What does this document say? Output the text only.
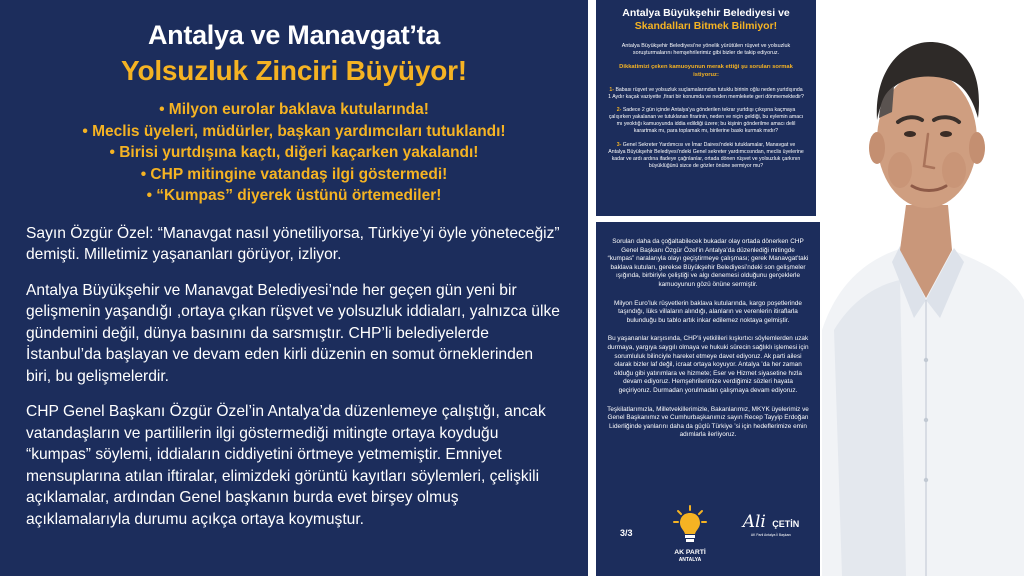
Antalya ve Manavgat’ta
Yolsuzluk Zinciri Büyüyor!
• Milyon eurolar baklava kutularında!
• Meclis üyeleri, müdürler, başkan yardımcıları tutuklandı!
• Birisi yurtdışına kaçtı, diğeri kaçarken yakalandı!
• CHP mitingine vatandaş ilgi göstermedi!
• “Kumpas” diyerek üstünü örtemediler!

Sayın Özgür Özel: “Manavgat nasıl yönetiliyorsa, Türkiye’yi öyle yöneteceğiz” demişti. Milletimiz yaşananları görüyor, izliyor.

Antalya Büyükşehir ve Manavgat Belediyesi’nde her geçen gün yeni bir gelişmenin yaşandığı ,ortaya çıkan rüşvet ve yolsuzluk iddiaları, yalnızca ülke gündemini değil, dünya basınını da sarsmıştır. CHP’li belediyelerde İstanbul’da başlayan ve devam eden kirli düzenin en somut örneklerinden biri, bu gelişmelerdir.

CHP Genel Başkanı Özgür Özel’in Antalya’da düzenlemeye çalıştığı, ancak vatandaşların ve partililerin ilgi göstermediği mitingte ortaya koyduğu “kumpas” söylemi, iddiaların ciddiyetini örtmeye yetmemiştir. Emniyet mensuplarına atılan iftiralar, elimizdeki görüntü kayıtları söylemleri, çelişkili açıklamalar, ardından Genel başkanın burda evet birşey olmuş açıklamalarıyla durumu açıkça ortaya koymuştur.

Antalya Büyükşehir Belediyesi ve
Skandalları Bitmek Bilmiyor!

Antalya Büyükşehir Belediyesi’ne yönelik yürütülen rüşvet ve yolsuzluk soruşturmalarını hemşehrilerimiz gibi bizler de takip ediyoruz.

Dikkatimizi çeken kamuoyunun merak ettiği şu soruları sormak istiyoruz:

1- Babası rüşvet ve yolsuzluk suçlamalarından tutuklu birinin oğlu neden yurtdışında 1 Aydır kaçak vaziyette ,firari bir konumda ve neden memlekete geri dönmemektedir?

2- Sadece 2 gün içinde Antalya’ya gönderilen tekrar yurtdışı çıkışına kaçmaya çalışırken yakalanan ve tutuklanan firarinin, neden ve niçin geldiği, bu eylemin amacı mı yeoktığı kamuoyunda iddia edildiği üzere; bu kişinin gönderilme amacı delil karartmak mı, para toplamak mı, birilerine baskı kurmak mıdır?

3- Genel Sekreter Yardımcısı ve İmar Dairesi’ndeki tutuklamalar, Manavgat ve Antalya Büyükşehir Belediyesi’ndeki Genel sekreter yardımcısından, meclis üyelerine kadar ve ardı ardına ifadeye çağrılanlar, ortada dönen rüşvet ve yolsuzluk çarkının büyüklüğünü sizce de gözler önüne sermiyor mu?

Soruları daha da çoğaltabilecek bukadar olay ortada dönerken CHP Genel Başkanı Özgür Özel’in Antalya’da düzenlediği mitingde “kumpas” naralarıyla olayı geçiştirmeye çalışması; gerek Manavgat’taki baklava kutuları, gerekse Büyükşehir Belediyesi’ndeki son gelişmeler ışığında, birbiriyle çeliştiği ve algı denemesi olduğunu gerçeklerle kamuoyunun gözü önüne sermiştir.

Milyon Euro’luk rüşvetlerin baklava kutularında, kargo poşetlerinde taşındığı, lüks villaların alındığı, alanların ve verenlerin itiraflarla bulunduğu bu tablo artık inkar edilemez noktaya gelmiştir.

Bu yaşananlar karşısında, CHP’li yetkilileri kışkırtıcı söylemlerden uzak durmaya, yargıya saygılı olmaya ve hukuki sürecin sağlıklı işlemesi için sorumluluk bilinciyle hareket etmeye davet ediyoruz. Ak parti ailesi olarak bizler laf değil, icraat ortaya koyuyor. Antalya ’da her zaman olduğu gibi yatırımlara ve hizmete; Eser ve Hizmet siyasetine hızla devam ediyoruz. Hemşehrilerimize verdiğimiz sözleri hayata geçiriyoruz. Durmadan yorulmadan çalışmaya devam ediyoruz.

Teşkilatlarımızla, Milletvekillerimizle, Bakanlarımız, MKYK üyelerimiz ve Genel Başkanımız ve Cumhurbaşkanımız sayın Recep Tayyip Erdoğan Liderliğinde yanlarını daha da güçlü Türkiye ’si için hedeflerimize emin adımlarla ilerliyoruz.

3/3
AK PARTİ
ANTALYA
Ali ÇETİN
AK Parti Antalya İl Başkanı
